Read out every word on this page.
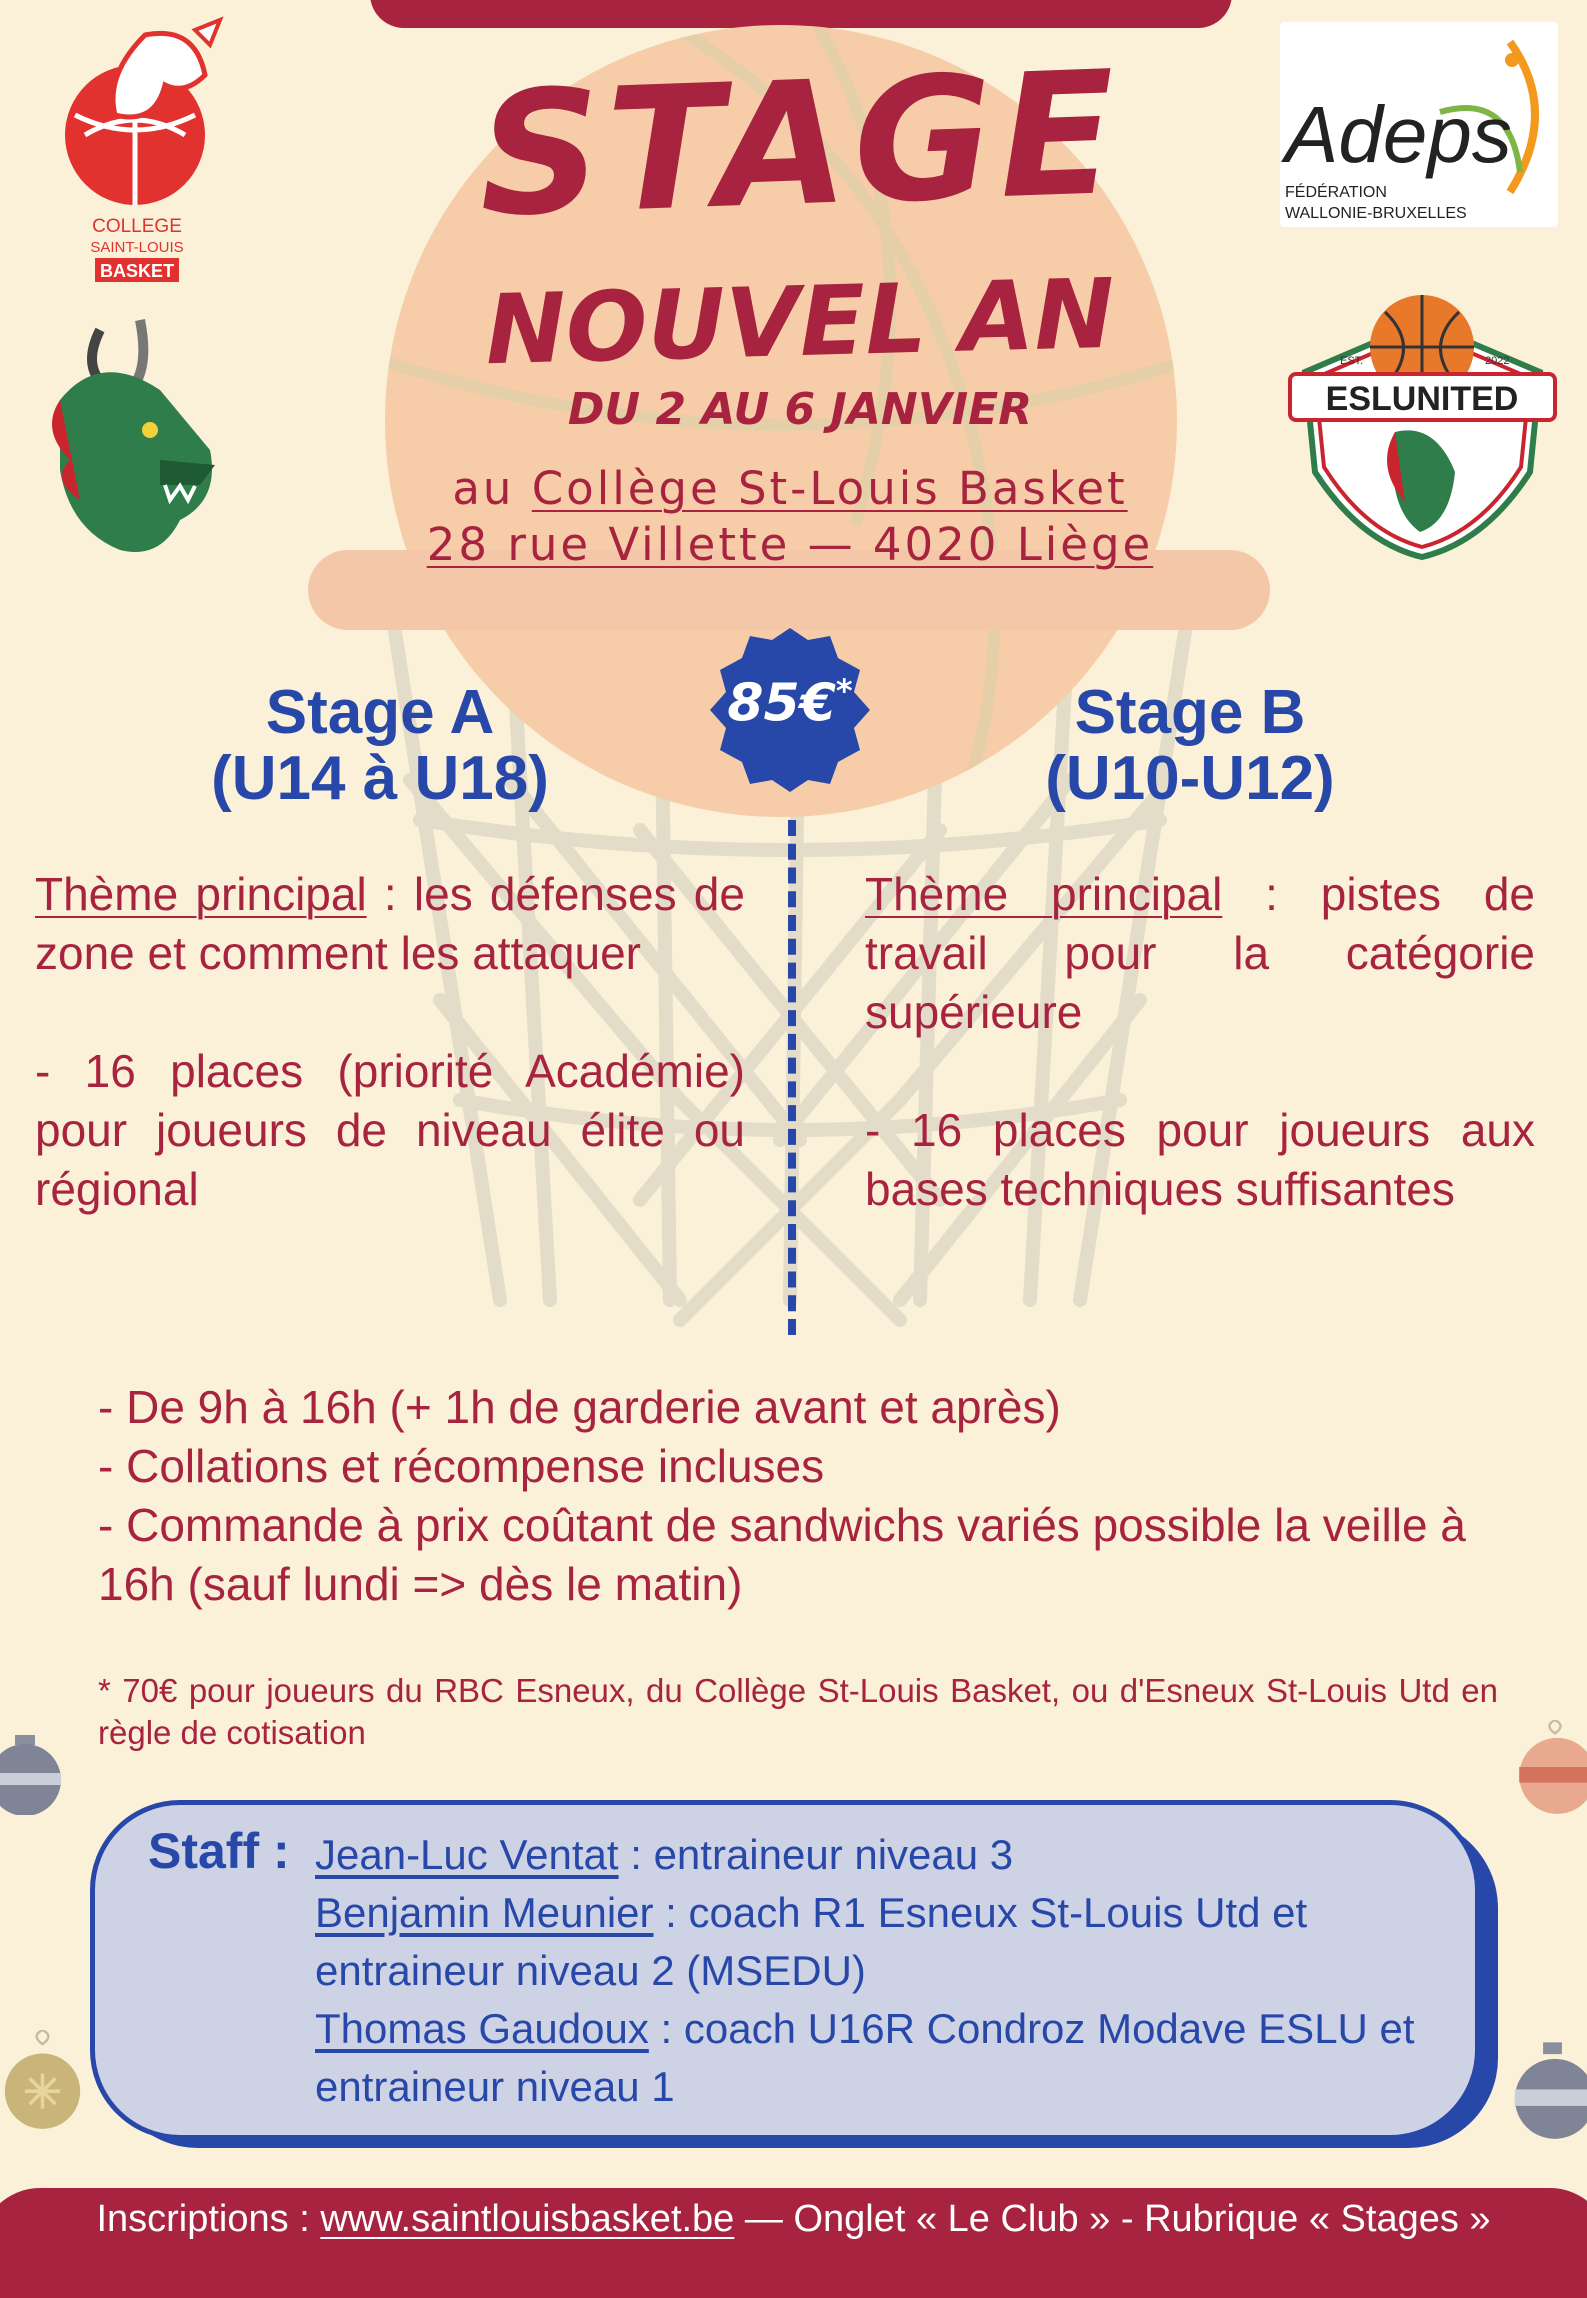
STAGE
NOUVEL AN
DU 2 AU 6 JANVIER
au Collège St-Louis Basket
28 rue Villette — 4020 Liège
COLLEGE
SAINT-LOUIS
BASKET
Adeps
FÉDÉRATION
WALLONIE-BRUXELLES
EST.	2022
ESLUNITED
85€*
Stage A
(U14 à U18)
Thème principal : les défenses de zone et comment les attaquer
- 16 places (priorité Académie) pour joueurs de niveau élite ou régional
Stage B
(U10-U12)
Thème principal : pistes de travail pour la catégorie supérieure
- 16 places pour joueurs aux bases techniques suffisantes
- De 9h à 16h (+ 1h de garderie avant et après)
- Collations et récompense incluses
- Commande à prix coûtant de sandwichs variés possible la veille à 16h (sauf lundi => dès le matin)
* 70€ pour joueurs du RBC Esneux, du Collège St-Louis Basket, ou d'Esneux St-Louis Utd en règle de cotisation
Staff : Jean-Luc Ventat : entraineur niveau 3
Benjamin Meunier : coach R1 Esneux St-Louis Utd et entraineur niveau 2 (MSEDU)
Thomas Gaudoux : coach U16R Condroz Modave ESLU et entraineur niveau 1
Inscriptions : www.saintlouisbasket.be — Onglet « Le Club » - Rubrique « Stages »
